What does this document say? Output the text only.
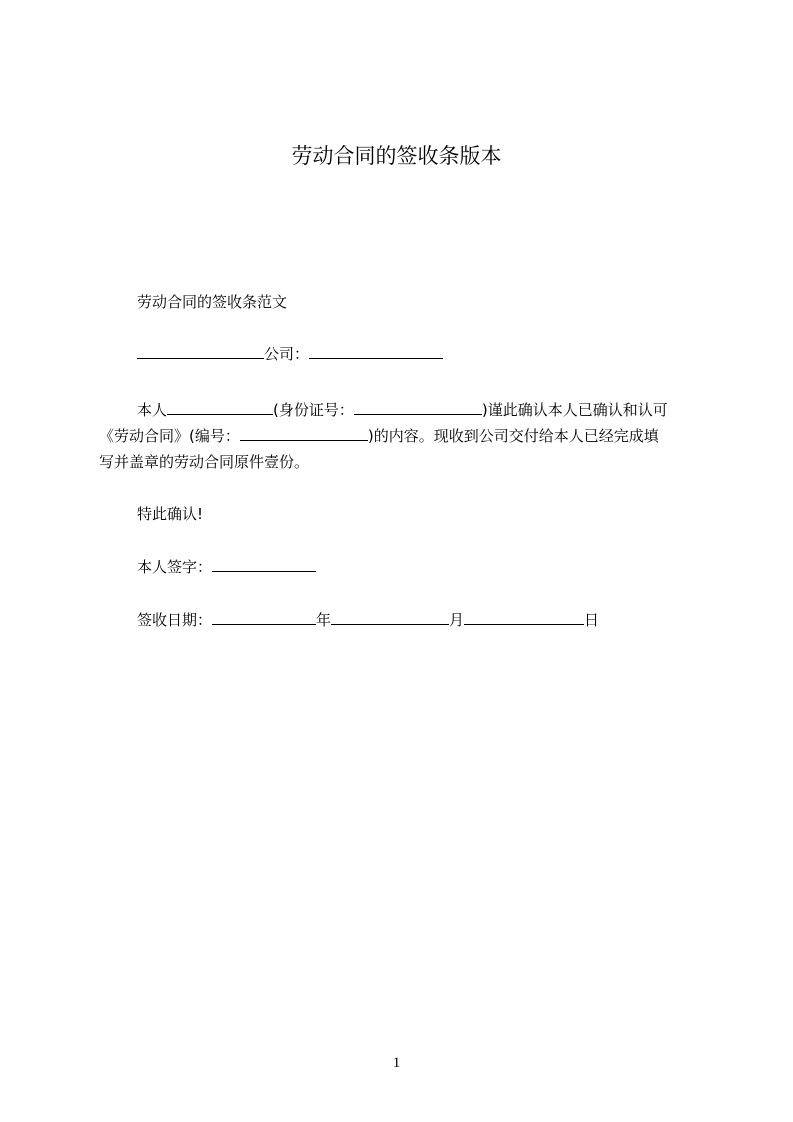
劳动合同的签收条版本
劳动合同的签收条范文
公司：
本人	(身份证号：	)谨此确认本人已确认和认可
《劳动合同》(编号：	)的内容。现收到公司交付给本人已经完成填
写并盖章的劳动合同原件壹份。
特此确认!
本人签字：
签收日期：	年	月	日
1
